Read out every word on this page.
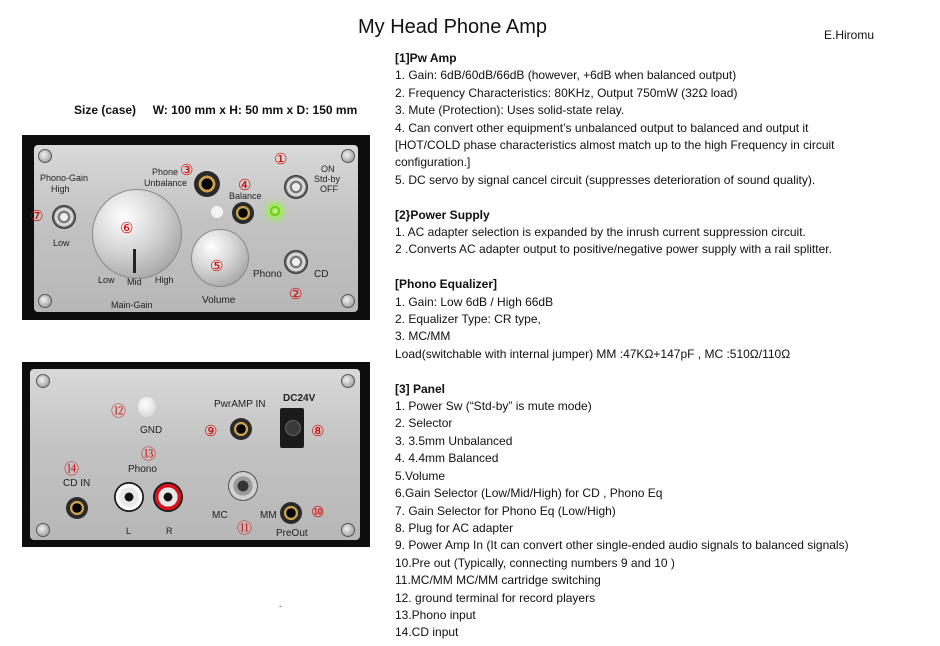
My Head Phone Amp	E.Hiromu
Size (case) W: 100 mm x H: 50 mm x D: 150 mm
Phono-Gain
High
Low
⑦
⑥
Low Mid High
Main-Gain
Phone
Unbalance
③
④
Balance
⑤
Volume
①
ON
Std-by
OFF
Phono	CD
②
⑫
GND
PwrAMP IN
⑨
DC24V
⑧
⑬
Phono
L	R
⑭
CD IN
MC	MM
⑪ PreOut
⑩
[1]Pw Amp
1. Gain: 6dB/60dB/66dB (however, +6dB when balanced output)
2. Frequency Characteristics: 80KHz, Output 750mW (32Ω load)
3. Mute (Protection): Uses solid-state relay.
4. Can convert other equipment’s unbalanced output to balanced and output it
[HOT/COLD phase characteristics almost match up to the high Frequency in circuit
configuration.]
5. DC servo by signal cancel circuit (suppresses deterioration of sound quality).
[2}Power Supply
1. AC adapter selection is expanded by the inrush current suppression circuit.
2 .Converts AC adapter output to positive/negative power supply with a rail splitter.
[Phono Equalizer]
1. Gain: Low 6dB / High 66dB
2. Equalizer Type: CR type,
3. MC/MM
Load(switchable with internal jumper) MM :47KΩ+147pF , MC :510Ω/110Ω
[3] Panel
1. Power Sw (“Std-by” is mute mode)
2. Selector
3. 3.5mm Unbalanced
4. 4.4mm Balanced
5.Volume
6.Gain Selector (Low/Mid/High) for CD , Phono Eq
7. Gain Selector for Phono Eq (Low/High)
8. Plug for AC adapter
9. Power Amp In (It can convert other single-ended audio signals to balanced signals)
10.Pre out (Typically, connecting numbers 9 and 10 )
11.MC/MM MC/MM cartridge switching
12. ground terminal for record players
13.Phono input
14.CD input
-
